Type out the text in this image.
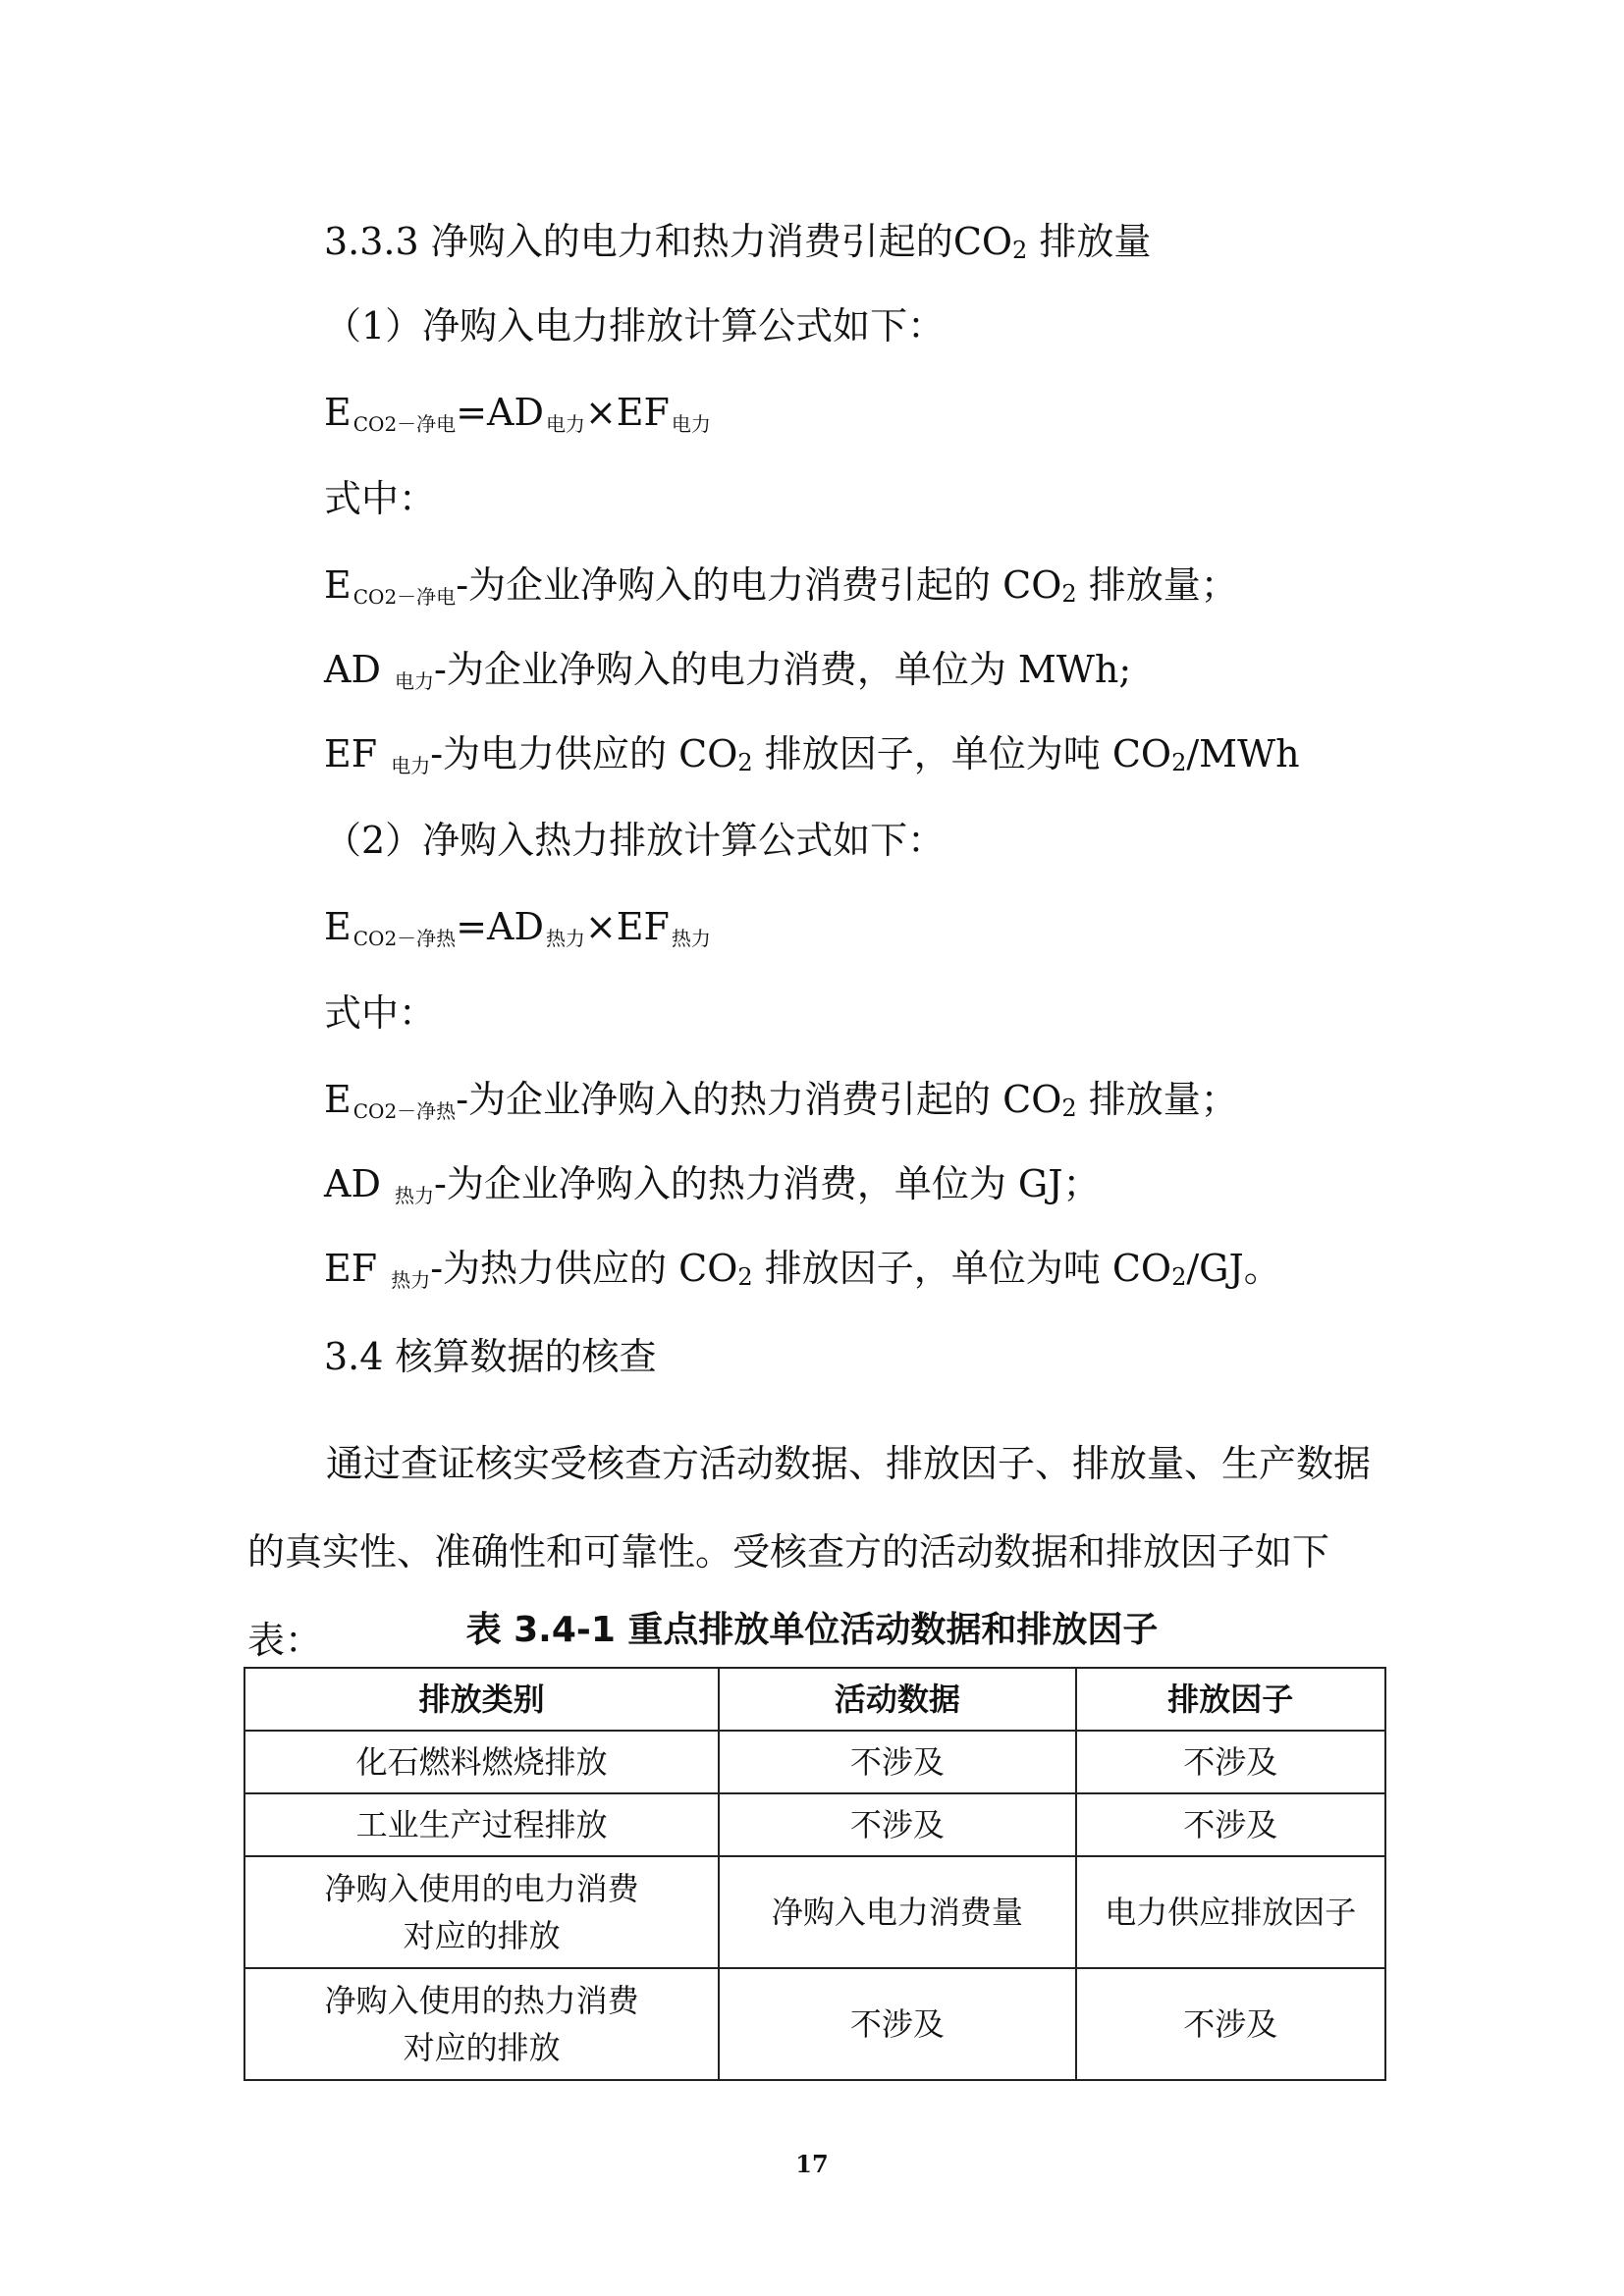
3.3.3 净购入的电力和热力消费引起的CO2 排放量
（1）净购入电力排放计算公式如下：
E $_{CO2-净电}$=AD $_{电力}$×EF $_{电力}$
式中：
E $_{CO2-净电}$-为企业净购入的电力消费引起的 CO2 排放量；
AD $_{电力}$-为企业净购入的电力消费，单位为 MWh;
EF $_{电力}$-为电力供应的 CO2 排放因子，单位为吨 CO2/MWh
（2）净购入热力排放计算公式如下：
E $_{CO2-净热}$=AD $_{热力}$×EF $_{热力}$
式中：
E $_{CO2-净热}$-为企业净购入的热力消费引起的 CO2 排放量；
AD $_{热力}$-为企业净购入的热力消费，单位为 GJ；
EF $_{热力}$-为热力供应的 CO2 排放因子，单位为吨 CO2/GJ。
3.4 核算数据的核查
通过查证核实受核查方活动数据、排放因子、排放量、生产数据的真实性、准确性和可靠性。受核查方的活动数据和排放因子如下表：	表 3.4-1 重点排放单位活动数据和排放因子
排放类别	活动数据	排放因子
化石燃料燃烧排放	不涉及	不涉及
工业生产过程排放	不涉及	不涉及

净购入使用的电力消费
对应的排放	净购入电力消费量	电力供应排放因子

净购入使用的热力消费
对应的排放	不涉及	不涉及
17
